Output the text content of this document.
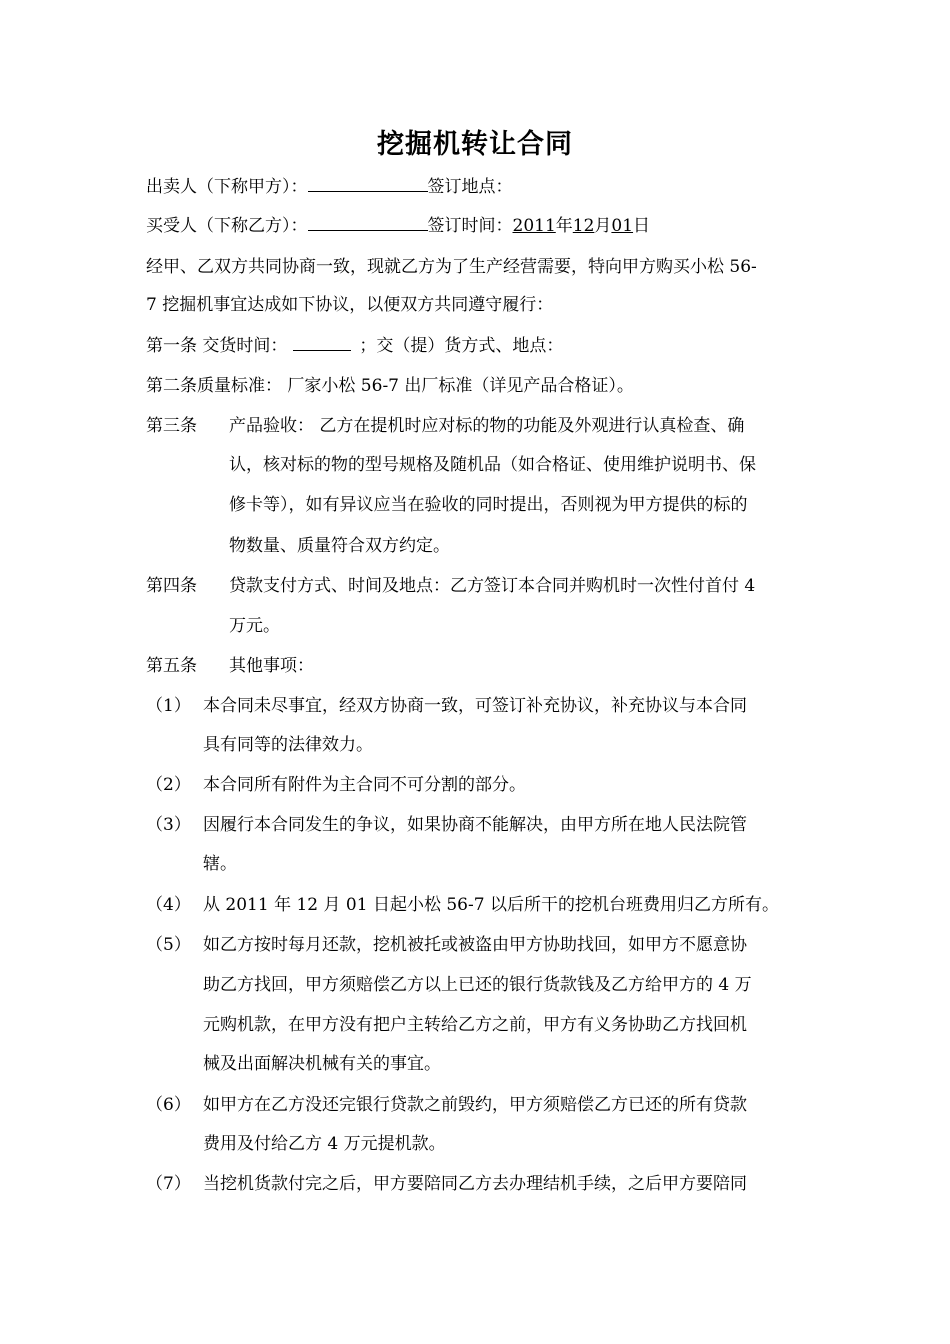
挖掘机转让合同
出卖人（下称甲方）：	签订地点：
买受人（下称乙方）：	签订时间：2011年12月01日
经甲、乙双方共同协商一致，现就乙方为了生产经营需要，特向甲方购买小松 56-
7 挖掘机事宜达成如下协议，以便双方共同遵守履行：
第一条 交货时间：	；交（提）货方式、地点：
第二条质量标准： 厂家小松 56-7 出厂标准（详见产品合格证）。
第三条 产品验收： 乙方在提机时应对标的物的功能及外观进行认真检查、确
认，核对标的物的型号规格及随机品（如合格证、使用维护说明书、保
修卡等），如有异议应当在验收的同时提出，否则视为甲方提供的标的
物数量、质量符合双方约定。
第四条 贷款支付方式、时间及地点：乙方签订本合同并购机时一次性付首付 4
万元。
第五条 其他事项：
（1） 本合同未尽事宜，经双方协商一致，可签订补充协议，补充协议与本合同
具有同等的法律效力。
（2） 本合同所有附件为主合同不可分割的部分。
（3） 因履行本合同发生的争议，如果协商不能解决，由甲方所在地人民法院管
辖。
（4） 从 2011 年 12 月 01 日起小松 56-7 以后所干的挖机台班费用归乙方所有。
（5） 如乙方按时每月还款，挖机被托或被盗由甲方协助找回，如甲方不愿意协
助乙方找回，甲方须赔偿乙方以上已还的银行货款钱及乙方给甲方的 4 万
元购机款，在甲方没有把户主转给乙方之前，甲方有义务协助乙方找回机
械及出面解决机械有关的事宜。
（6） 如甲方在乙方没还完银行贷款之前毁约，甲方须赔偿乙方已还的所有贷款
费用及付给乙方 4 万元提机款。
（7） 当挖机货款付完之后，甲方要陪同乙方去办理结机手续，之后甲方要陪同
